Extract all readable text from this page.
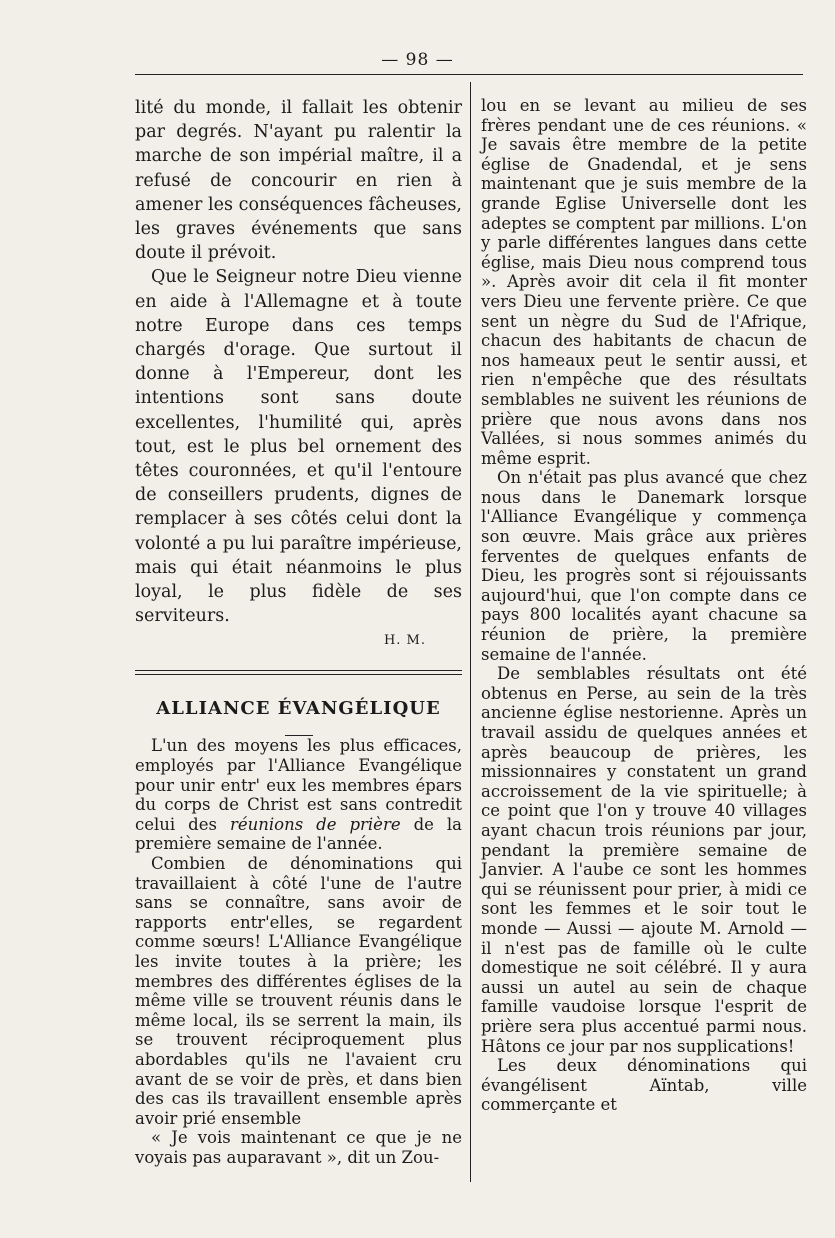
— 98 —

lité du monde, il fallait les obtenir par degrés. N'ayant pu ralentir la marche de son impérial maître, il a refusé de concourir en rien à amener les conséquences fâcheuses, les graves événements que sans doute il prévoit.

Que le Seigneur notre Dieu vienne en aide à l'Allemagne et à toute notre Europe dans ces temps chargés d'orage. Que surtout il donne à l'Empereur, dont les intentions sont sans doute excellentes, l'humilité qui, après tout, est le plus bel ornement des têtes couronnées, et qu'il l'entoure de conseillers prudents, dignes de remplacer à ses côtés celui dont la volonté a pu lui paraître impérieuse, mais qui était néanmoins le plus loyal, le plus fidèle de ses serviteurs.

H. M.
ALLIANCE ÉVANGÉLIQUE

L'un des moyens les plus efficaces, employés par l'Alliance Evangélique pour unir entr' eux les membres épars du corps de Christ est sans contredit celui des réunions de prière de la première semaine de l'année.

Combien de dénominations qui travaillaient à côté l'une de l'autre sans se connaître, sans avoir de rapports entr'elles, se regardent comme sœurs! L'Alliance Evangélique les invite toutes à la prière; les membres des différentes églises de la même ville se trouvent réunis dans le même local, ils se serrent la main, ils se trouvent réciproquement plus abordables qu'ils ne l'avaient cru avant de se voir de près, et dans bien des cas ils travaillent ensemble après avoir prié ensemble

« Je vois maintenant ce que je ne voyais pas auparavant », dit un Zou-

lou en se levant au milieu de ses frères pendant une de ces réunions. « Je savais être membre de la petite église de Gnadendal, et je sens maintenant que je suis membre de la grande Eglise Universelle dont les adeptes se comptent par millions. L'on y parle différentes langues dans cette église, mais Dieu nous comprend tous ». Après avoir dit cela il fit monter vers Dieu une fervente prière. Ce que sent un nègre du Sud de l'Afrique, chacun des habitants de chacun de nos hameaux peut le sentir aussi, et rien n'empêche que des résultats semblables ne suivent les réunions de prière que nous avons dans nos Vallées, si nous sommes animés du même esprit.

On n'était pas plus avancé que chez nous dans le Danemark lorsque l'Alliance Evangélique y commença son œuvre. Mais grâce aux prières ferventes de quelques enfants de Dieu, les progrès sont si réjouissants aujourd'hui, que l'on compte dans ce pays 800 localités ayant chacune sa réunion de prière, la première semaine de l'année.

De semblables résultats ont été obtenus en Perse, au sein de la très ancienne église nestorienne. Après un travail assidu de quelques années et après beaucoup de prières, les missionnaires y constatent un grand accroissement de la vie spirituelle; à ce point que l'on y trouve 40 villages ayant chacun trois réunions par jour, pendant la première semaine de Janvier. A l'aube ce sont les hommes qui se réunissent pour prier, à midi ce sont les femmes et le soir tout le monde — Aussi — ajoute M. Arnold — il n'est pas de famille où le culte domestique ne soit célébré. Il y aura aussi un autel au sein de chaque famille vaudoise lorsque l'esprit de prière sera plus accentué parmi nous. Hâtons ce jour par nos supplications!

Les deux dénominations qui évangélisent Aïntab, ville commerçante et
